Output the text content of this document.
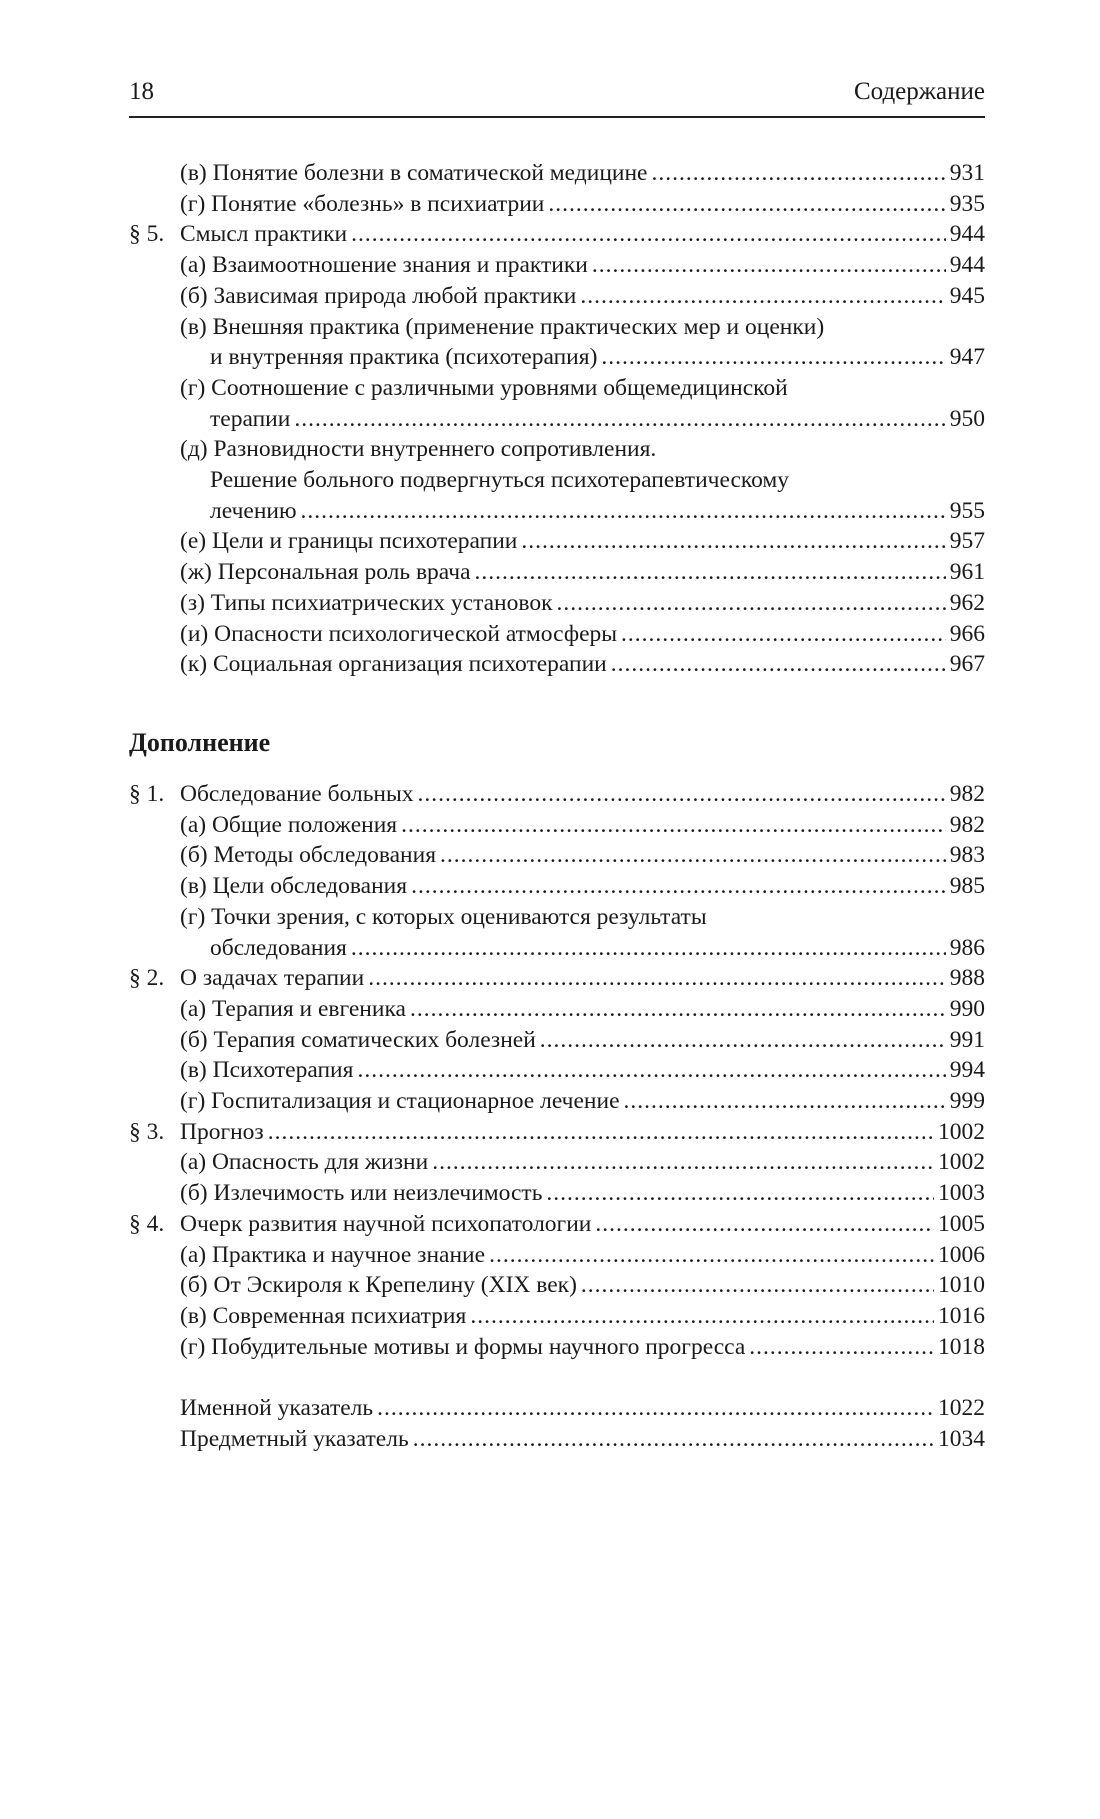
18	Содержание
(в) Понятие болезни в соматической медицине .....	931
(г) Понятие «болезнь» в психиатрии .....	935
§ 5. Смысл практики .....	944
(а) Взаимоотношение знания и практики .....	944
(б) Зависимая природа любой практики .....	945
(в) Внешняя практика (применение практических мер и оценки)
и внутренняя практика (психотерапия) .....	947
(г) Соотношение с различными уровнями общемедицинской
терапии .....	950
(д) Разновидности внутреннего сопротивления.
Решение больного подвергнуться психотерапевтическому
лечению .....	955
(е) Цели и границы психотерапии .....	957
(ж) Персональная роль врача .....	961
(з) Типы психиатрических установок .....	962
(и) Опасности психологической атмосферы .....	966
(к) Социальная организация психотерапии .....	967
Дополнение
§ 1. Обследование больных .....	982
(а) Общие положения .....	982
(б) Методы обследования .....	983
(в) Цели обследования .....	985
(г) Точки зрения, с которых оцениваются результаты
обследования .....	986
§ 2. О задачах терапии .....	988
(а) Терапия и евгеника .....	990
(б) Терапия соматических болезней .....	991
(в) Психотерапия .....	994
(г) Госпитализация и стационарное лечение .....	999
§ 3. Прогноз .....	1002
(а) Опасность для жизни .....	1002
(б) Излечимость или неизлечимость .....	1003
§ 4. Очерк развития научной психопатологии .....	1005
(а) Практика и научное знание .....	1006
(б) От Эскироля к Крепелину (XIX век) .....	1010
(в) Современная психиатрия .....	1016
(г) Побудительные мотивы и формы научного прогресса .....	1018
Именной указатель .....	1022
Предметный указатель .....	1034
